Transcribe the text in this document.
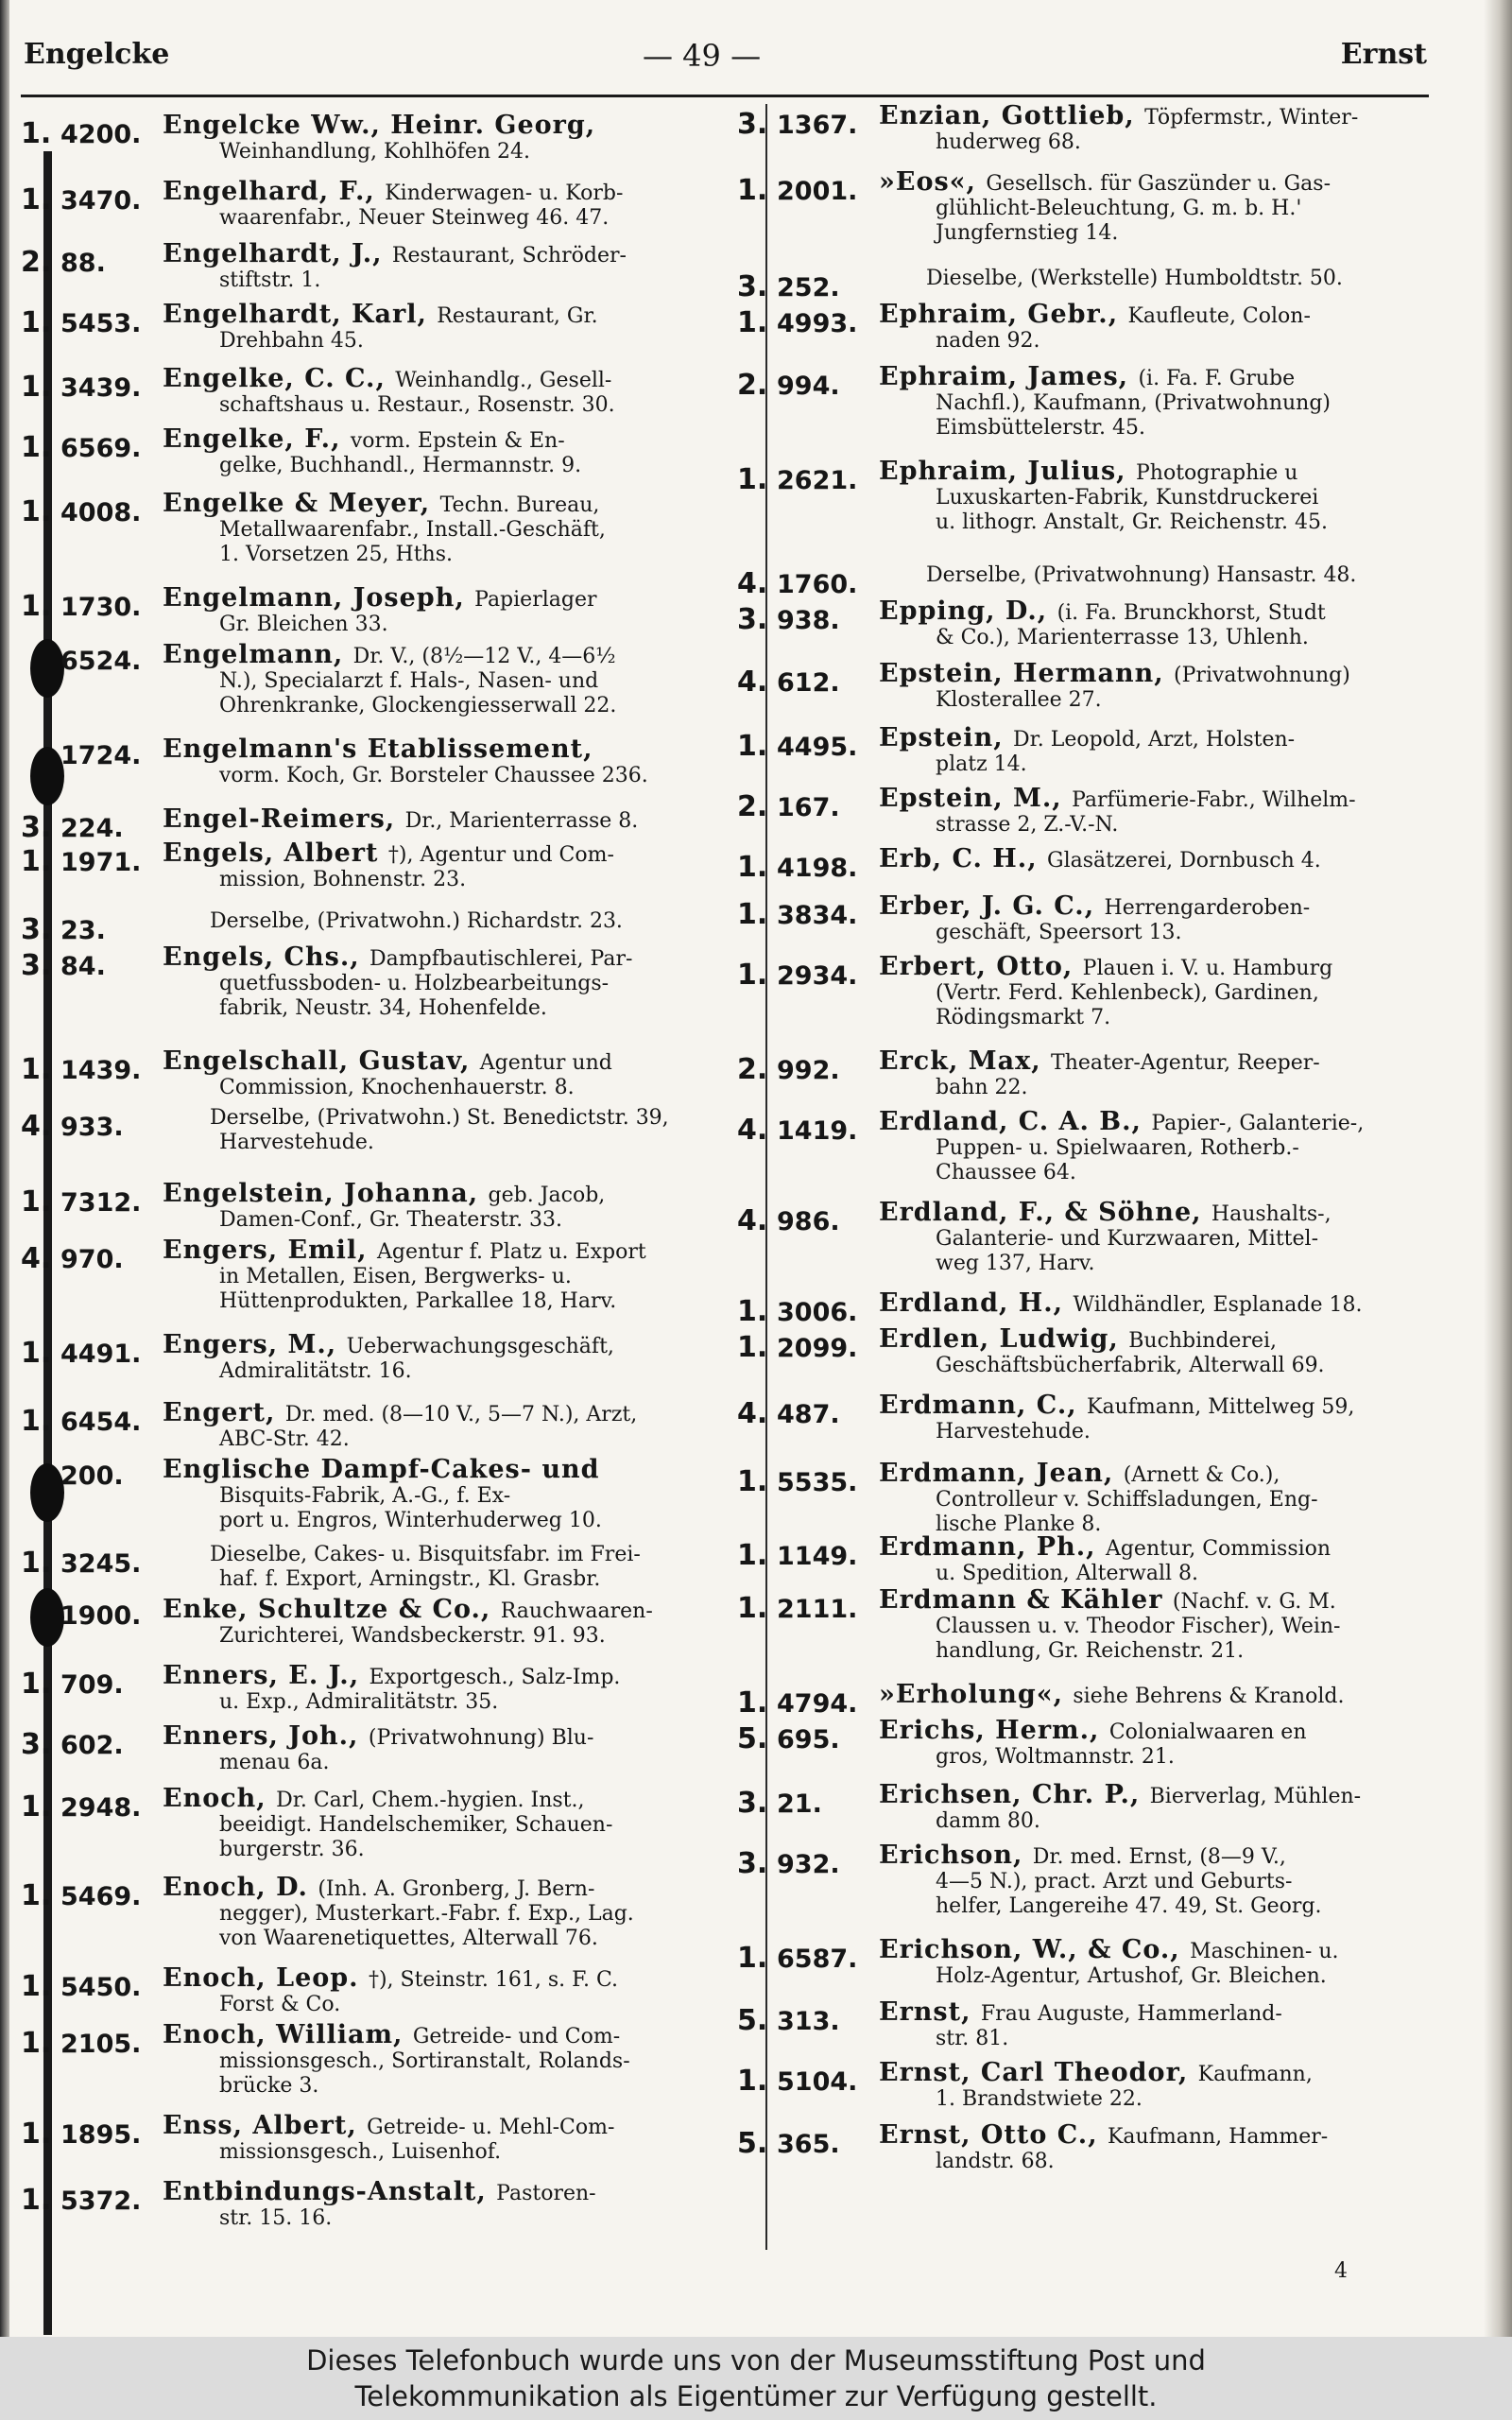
Engelcke	— 49 —	Ernst
1. 4200. Engelcke Ww., Heinr. Georg,
Weinhandlung, Kohlhöfen 24.
1. 3470. Engelhard, F., Kinderwagen- u. Korb-
waarenfabr., Neuer Steinweg 46. 47.
2. 88.	Engelhardt, J., Restaurant, Schröder-
stiftstr. 1.
1. 5453. Engelhardt, Karl, Restaurant, Gr.
Drehbahn 45.
1. 3439. Engelke, C. C., Weinhandlg., Gesell-
schaftshaus u. Restaur., Rosenstr. 30.
1. 6569. Engelke, F., vorm. Epstein & En-
gelke, Buchhandl., Hermannstr. 9.
1. 4008. Engelke & Meyer, Techn. Bureau,
Metallwaarenfabr., Install.-Geschäft,
1. Vorsetzen 25, Hths.
1. 1730. Engelmann, Joseph, Papierlager
Gr. Bleichen 33.
6524. Engelmann, Dr. V., (8½—12 V., 4—6½
N.), Specialarzt f. Hals-, Nasen- und
Ohrenkranke, Glockengiesserwall 22.
1724. Engelmann's Etablissement,
vorm. Koch, Gr. Borsteler Chaussee 236.
3. 224.	Engel-Reimers, Dr., Marienterrasse 8.
1. 1971. Engels, Albert †), Agentur und Com-
mission, Bohnenstr. 23.
3. 23.	Derselbe, (Privatwohn.) Richardstr. 23.
3. 84.	Engels, Chs., Dampfbautischlerei, Par-
quetfussboden- u. Holzbearbeitungs-
fabrik, Neustr. 34, Hohenfelde.
1. 1439. Engelschall, Gustav, Agentur und
Commission, Knochenhauerstr. 8.
4. 933.	Derselbe, (Privatwohn.) St. Benedictstr. 39,
Harvestehude.
1. 7312. Engelstein, Johanna, geb. Jacob,
Damen-Conf., Gr. Theaterstr. 33.
4. 970.	Engers, Emil, Agentur f. Platz u. Export
in Metallen, Eisen, Bergwerks- u.
Hüttenprodukten, Parkallee 18, Harv.
1. 4491. Engers, M., Ueberwachungsgeschäft,
Admiralitätstr. 16.
1. 6454. Engert, Dr. med. (8—10 V., 5—7 N.), Arzt,
ABC-Str. 42.
200.	Englische Dampf-Cakes- und
Bisquits-Fabrik, A.-G., f. Ex-
port u. Engros, Winterhuderweg 10.
1. 3245.	Dieselbe, Cakes- u. Bisquitsfabr. im Frei-
haf. f. Export, Arningstr., Kl. Grasbr.
1900. Enke, Schultze & Co., Rauchwaaren-
Zurichterei, Wandsbeckerstr. 91. 93.
1. 709.	Enners, E. J., Exportgesch., Salz-Imp.
u. Exp., Admiralitätstr. 35.
3. 602.	Enners, Joh., (Privatwohnung) Blu-
menau 6a.
1. 2948. Enoch, Dr. Carl, Chem.-hygien. Inst.,
beeidigt. Handelschemiker, Schauen-
burgerstr. 36.
1. 5469. Enoch, D. (Inh. A. Gronberg, J. Bern-
negger), Musterkart.-Fabr. f. Exp., Lag.
von Waarenetiquettes, Alterwall 76.
1. 5450. Enoch, Leop. †), Steinstr. 161, s. F. C.
Forst & Co.
1. 2105. Enoch, William, Getreide- und Com-
missionsgesch., Sortiranstalt, Rolands-
brücke 3.
1. 1895. Enss, Albert, Getreide- u. Mehl-Com-
missionsgesch., Luisenhof.
1. 5372. Entbindungs-Anstalt, Pastoren-
str. 15. 16.
3. 1367. Enzian, Gottlieb, Töpfermstr., Winter-
huderweg 68.
1. 2001. »Eos«, Gesellsch. für Gaszünder u. Gas-
glühlicht-Beleuchtung, G. m. b. H.'
Jungfernstieg 14.
3. 252.	Dieselbe, (Werkstelle) Humboldtstr. 50.
1. 4993. Ephraim, Gebr., Kaufleute, Colon-
naden 92.
2. 994.	Ephraim, James, (i. Fa. F. Grube
Nachfl.), Kaufmann, (Privatwohnung)
Eimsbüttelerstr. 45.
1. 2621. Ephraim, Julius, Photographie u
Luxuskarten-Fabrik, Kunstdruckerei
u. lithogr. Anstalt, Gr. Reichenstr. 45.
4. 1760.	Derselbe, (Privatwohnung) Hansastr. 48.
3. 938.	Epping, D., (i. Fa. Brunckhorst, Studt
& Co.), Marienterrasse 13, Uhlenh.
4. 612.	Epstein, Hermann, (Privatwohnung)
Klosterallee 27.
1. 4495. Epstein, Dr. Leopold, Arzt, Holsten-
platz 14.
2. 167.	Epstein, M., Parfümerie-Fabr., Wilhelm-
strasse 2, Z.-V.-N.
1. 4198. Erb, C. H., Glasätzerei, Dornbusch 4.
1. 3834. Erber, J. G. C., Herrengarderoben-
geschäft, Speersort 13.
1. 2934. Erbert, Otto, Plauen i. V. u. Hamburg
(Vertr. Ferd. Kehlenbeck), Gardinen,
Rödingsmarkt 7.
2. 992.	Erck, Max, Theater-Agentur, Reeper-
bahn 22.
4. 1419. Erdland, C. A. B., Papier-, Galanterie-,
Puppen- u. Spielwaaren, Rotherb.-
Chaussee 64.
4. 986.	Erdland, F., & Söhne, Haushalts-,
Galanterie- und Kurzwaaren, Mittel-
weg 137, Harv.
1. 3006. Erdland, H., Wildhändler, Esplanade 18.
1. 2099. Erdlen, Ludwig, Buchbinderei,
Geschäftsbücherfabrik, Alterwall 69.
4. 487.	Erdmann, C., Kaufmann, Mittelweg 59,
Harvestehude.
1. 5535. Erdmann, Jean, (Arnett & Co.),
Controlleur v. Schiffsladungen, Eng-
lische Planke 8.
1. 1149. Erdmann, Ph., Agentur, Commission
u. Spedition, Alterwall 8.
1. 2111. Erdmann & Kähler (Nachf. v. G. M.
Claussen u. v. Theodor Fischer), Wein-
handlung, Gr. Reichenstr. 21.
1. 4794. »Erholung«, siehe Behrens & Kranold.
5. 695.	Erichs, Herm., Colonialwaaren en
gros, Woltmannstr. 21.
3. 21.	Erichsen, Chr. P., Bierverlag, Mühlen-
damm 80.
3. 932.	Erichson, Dr. med. Ernst, (8—9 V.,
4—5 N.), pract. Arzt und Geburts-
helfer, Langereihe 47. 49, St. Georg.
1. 6587. Erichson, W., & Co., Maschinen- u.
Holz-Agentur, Artushof, Gr. Bleichen.
5. 313.	Ernst, Frau Auguste, Hammerland-
str. 81.
1. 5104. Ernst, Carl Theodor, Kaufmann,
1. Brandstwiete 22.
5. 365.	Ernst, Otto C., Kaufmann, Hammer-
landstr. 68.
4
Dieses Telefonbuch wurde uns von der Museumsstiftung Post und
Telekommunikation als Eigentümer zur Verfügung gestellt.
